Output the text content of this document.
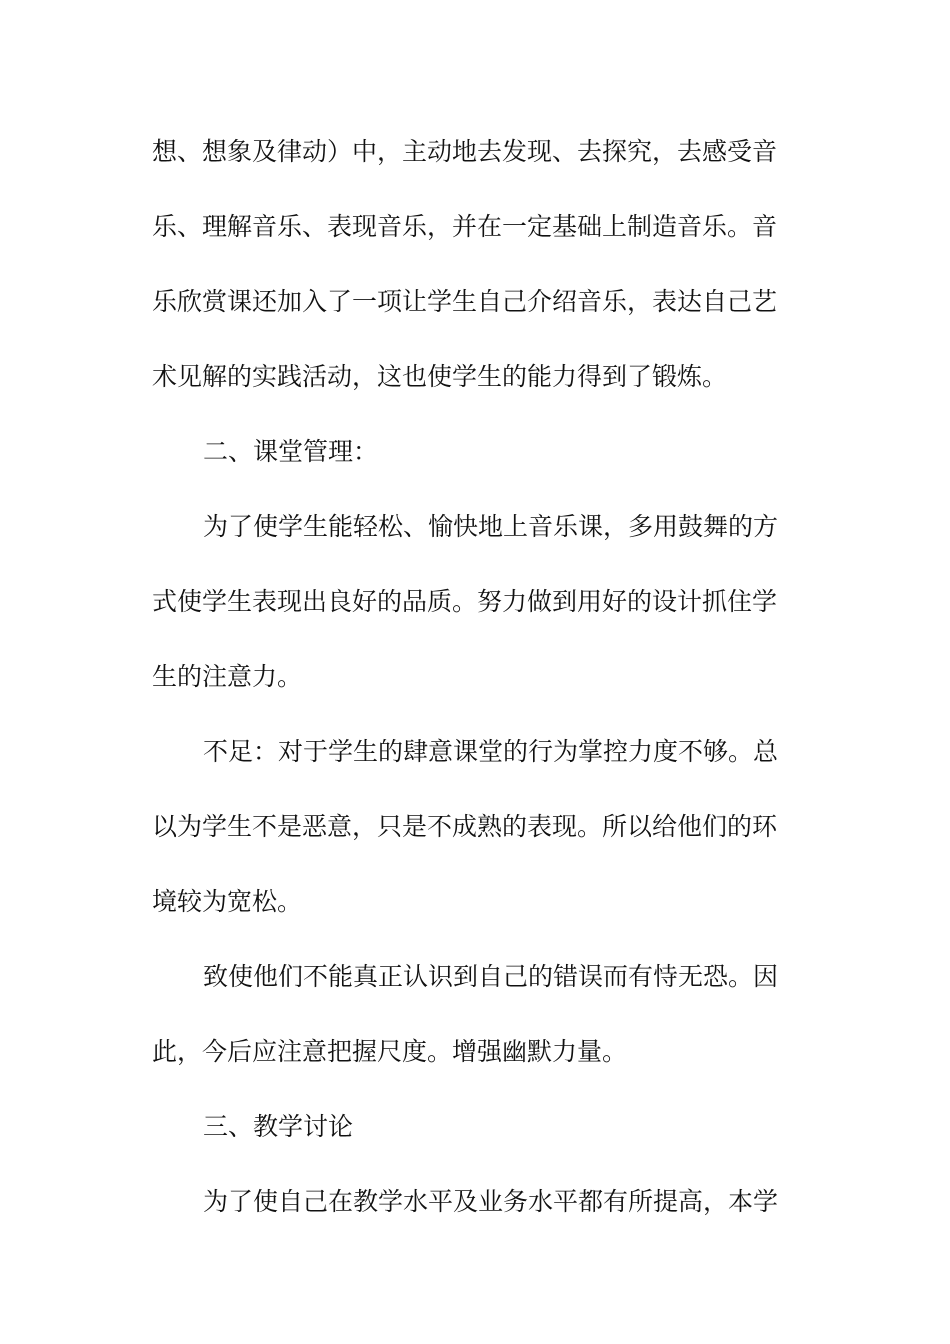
想、想象及律动）中，主动地去发现、去探究，去感受音
乐、理解音乐、表现音乐，并在一定基础上制造音乐。音
乐欣赏课还加入了一项让学生自己介绍音乐，表达自己艺
术见解的实践活动，这也使学生的能力得到了锻炼。
二、课堂管理：
为了使学生能轻松、愉快地上音乐课，多用鼓舞的方
式使学生表现出良好的品质。努力做到用好的设计抓住学
生的注意力。
不足：对于学生的肆意课堂的行为掌控力度不够。总
以为学生不是恶意，只是不成熟的表现。所以给他们的环
境较为宽松。
致使他们不能真正认识到自己的错误而有恃无恐。因
此，今后应注意把握尺度。增强幽默力量。
三、教学讨论
为了使自己在教学水平及业务水平都有所提高，本学
